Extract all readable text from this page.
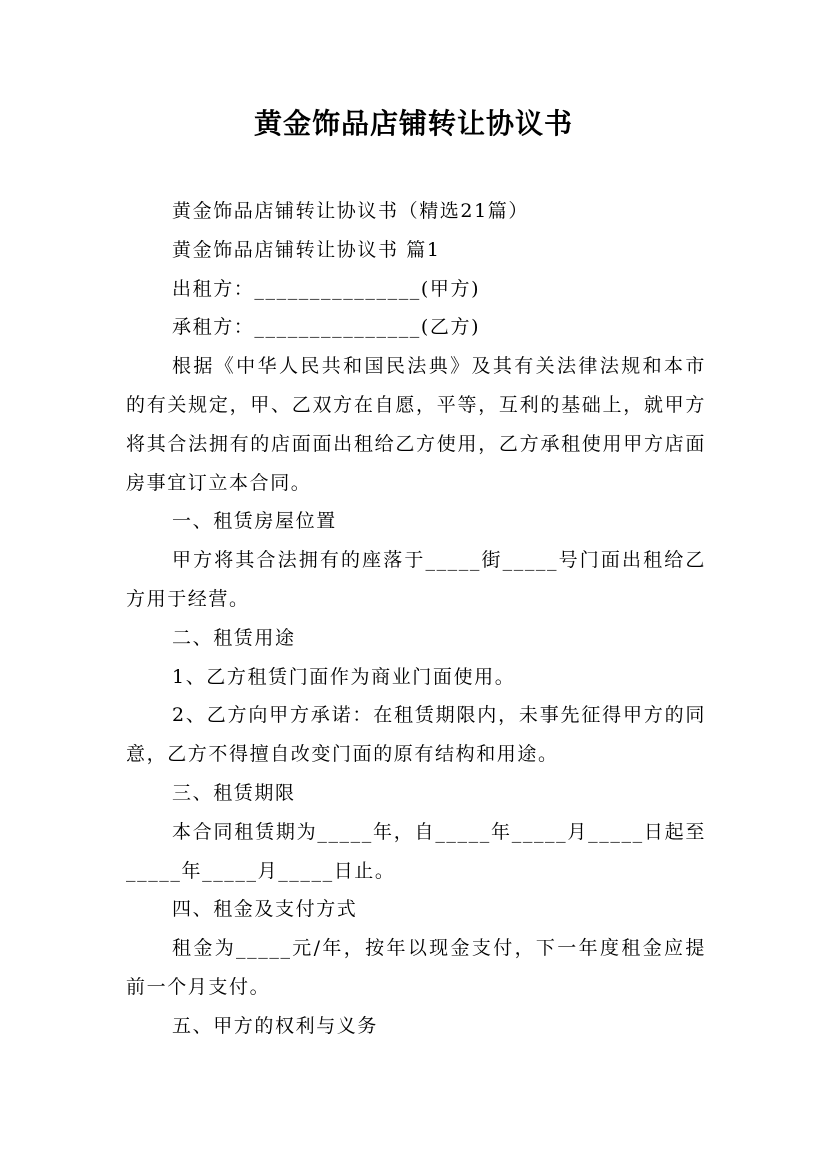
黄金饰品店铺转让协议书

黄金饰品店铺转让协议书（精选21篇）

黄金饰品店铺转让协议书 篇1

出租方：_______________(甲方)

承租方：_______________(乙方)

根据《中华人民共和国民法典》及其有关法律法规和本市的有关规定，甲、乙双方在自愿，平等，互利的基础上，就甲方将其合法拥有的店面面出租给乙方使用，乙方承租使用甲方店面房事宜订立本合同。

一、租赁房屋位置

甲方将其合法拥有的座落于_____街_____号门面出租给乙方用于经营。

二、租赁用途

1、乙方租赁门面作为商业门面使用。

2、乙方向甲方承诺：在租赁期限内，未事先征得甲方的同意，乙方不得擅自改变门面的原有结构和用途。

三、租赁期限

本合同租赁期为_____年，自_____年_____月_____日起至_____年_____月_____日止。

四、租金及支付方式

租金为_____元/年，按年以现金支付，下一年度租金应提前一个月支付。

五、甲方的权利与义务
